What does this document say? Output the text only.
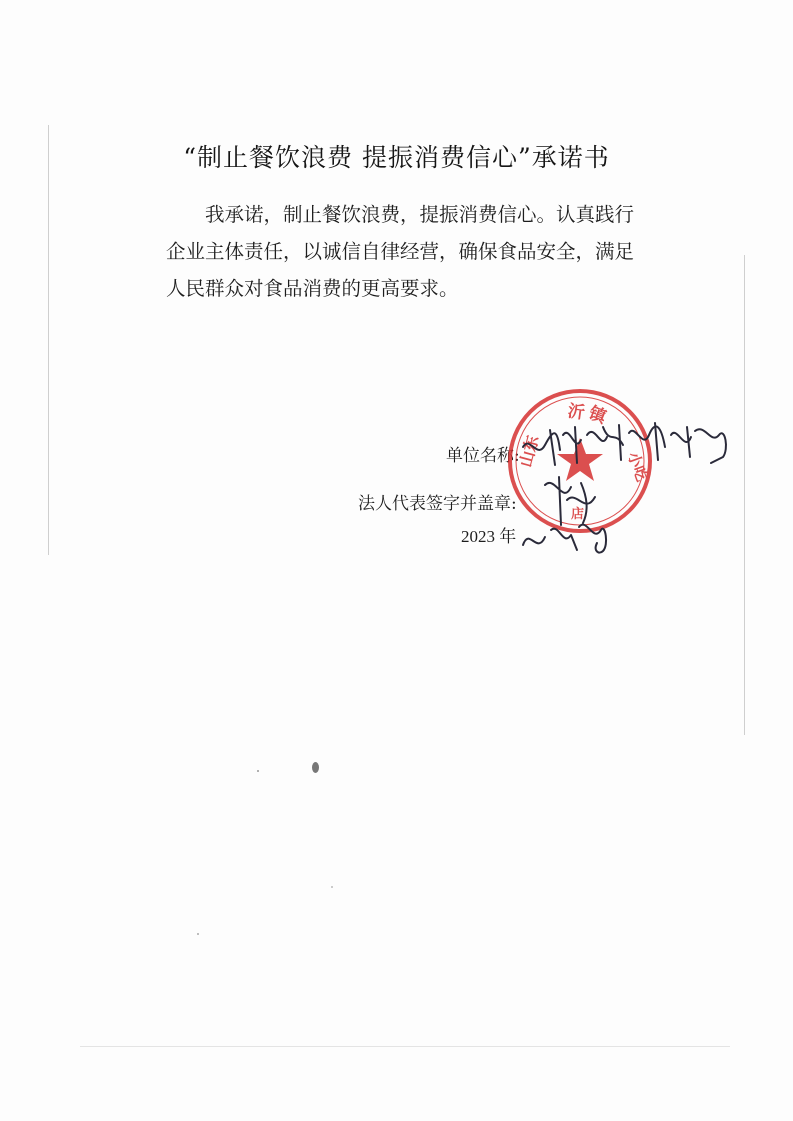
“制止餐饮浪费 提振消费信心”承诺书

我承诺，制止餐饮浪费，提振消费信心。认真践行企业主体责任，以诚信自律经营，确保食品安全，满足人民群众对食品消费的更高要求。

单位名称:
法人代表签字并盖章:
2023 年
沂 镇
山东	小吃
店
